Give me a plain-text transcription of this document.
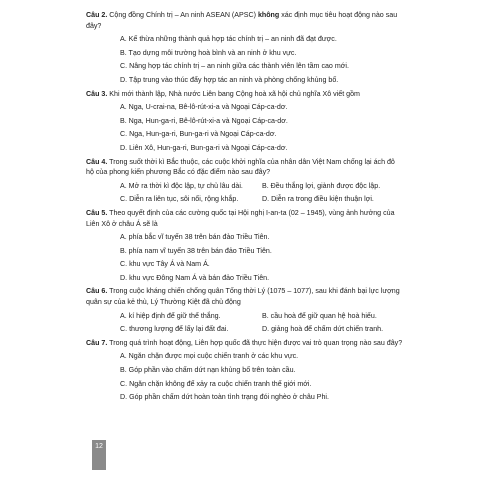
Câu 2. Cộng đồng Chính trị – An ninh ASEAN (APSC) không xác định mục tiêu hoạt động nào sau đây?

A. Kế thừa những thành quả hợp tác chính trị – an ninh đã đạt được.
B. Tạo dựng môi trường hoà bình và an ninh ở khu vực.
C. Nâng hợp tác chính trị – an ninh giữa các thành viên lên tầm cao mới.
D. Tập trung vào thúc đẩy hợp tác an ninh và phòng chống khủng bố.

Câu 3. Khi mới thành lập, Nhà nước Liên bang Cộng hoà xã hội chủ nghĩa Xô viết gồm

A. Nga, U-crai-na, Bê-lô-rút-xi-a và Ngoại Cáp-ca-dơ.
B. Nga, Hun-ga-ri, Bê-lô-rút-xi-a và Ngoại Cáp-ca-dơ.
C. Nga, Hun-ga-ri, Bun-ga-ri và Ngoại Cáp-ca-dơ.
D. Liên Xô, Hun-ga-ri, Bun-ga-ri và Ngoại Cáp-ca-dơ.

Câu 4. Trong suốt thời kì Bắc thuộc, các cuộc khởi nghĩa của nhân dân Việt Nam chống lại ách đô hộ của phong kiến phương Bắc có đặc điểm nào sau đây?

A. Mở ra thời kì độc lập, tự chủ lâu dài.	B. Đều thắng lợi, giành được độc lập.
C. Diễn ra liên tục, sôi nổi, rộng khắp.	D. Diễn ra trong điều kiện thuận lợi.

Câu 5. Theo quyết định của các cường quốc tại Hội nghị I-an-ta (02 – 1945), vùng ảnh hưởng của Liên Xô ở châu Á sẽ là

A. phía bắc vĩ tuyến 38 trên bán đảo Triều Tiên.
B. phía nam vĩ tuyến 38 trên bán đảo Triều Tiên.
C. khu vực Tây Á và Nam Á.
D. khu vực Đông Nam Á và bán đảo Triều Tiên.

Câu 6. Trong cuộc kháng chiến chống quân Tống thời Lý (1075 – 1077), sau khi đánh bại lực lượng quân sự của kẻ thù, Lý Thường Kiệt đã chủ động

A. kí hiệp định để giữ thể thắng.	B. cầu hoà để giữ quan hệ hoà hiếu.
C. thương lượng để lấy lại đất đai.	D. giảng hoà để chấm dứt chiến tranh.

Câu 7. Trong quá trình hoạt động, Liên hợp quốc đã thực hiện được vai trò quan trọng nào sau đây?

A. Ngăn chặn được mọi cuộc chiến tranh ở các khu vực.
B. Góp phần vào chấm dứt nạn khủng bố trên toàn cầu.
C. Ngăn chặn không để xảy ra cuộc chiến tranh thế giới mới.
D. Góp phần chấm dứt hoàn toàn tình trạng đói nghèo ở châu Phi.
12
